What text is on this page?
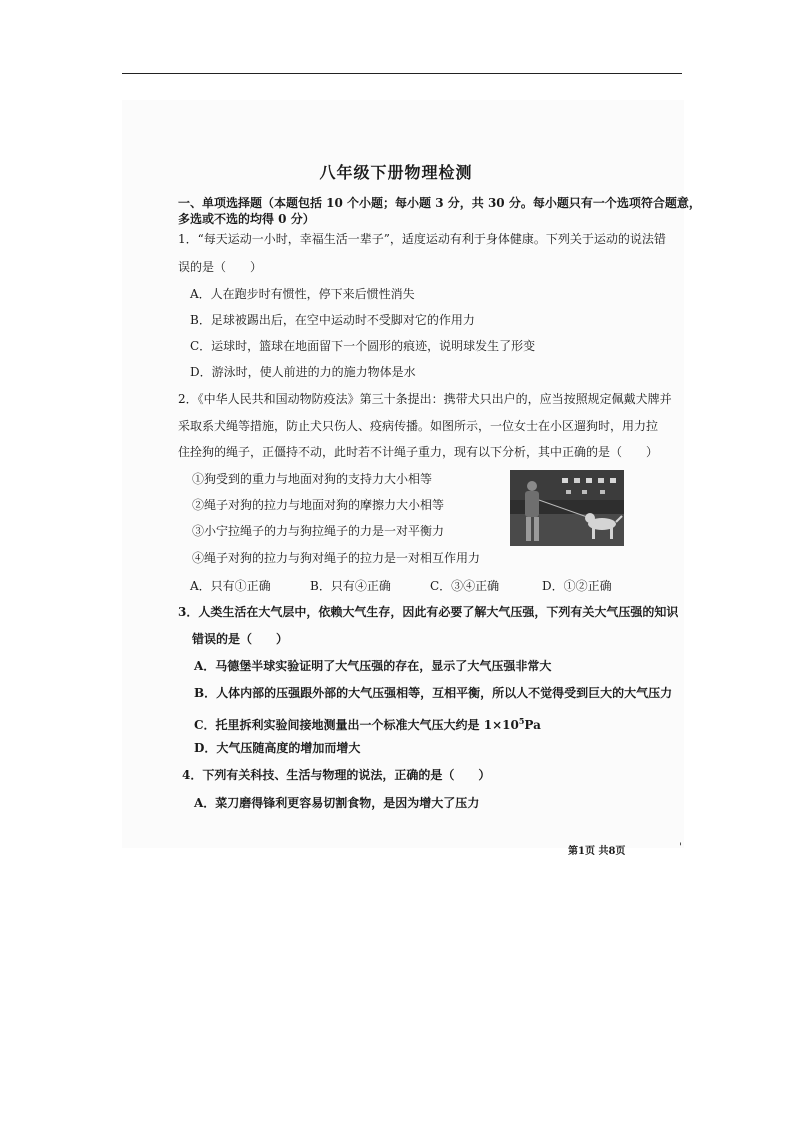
八年级下册物理检测
一、单项选择题（本题包括 10 个小题；每小题 3 分，共 30 分。每小题只有一个选项符合题意，
多选或不选的均得 0 分）
1．“每天运动一小时，幸福生活一辈子”，适度运动有利于身体健康。下列关于运动的说法错
误的是（　　）
A．人在跑步时有惯性，停下来后惯性消失
B．足球被踢出后，在空中运动时不受脚对它的作用力
C．运球时，篮球在地面留下一个圆形的痕迹，说明球发生了形变
D．游泳时，使人前进的力的施力物体是水
2．《中华人民共和国动物防疫法》第三十条提出：携带犬只出户的，应当按照规定佩戴犬牌并
采取系犬绳等措施，防止犬只伤人、疫病传播。如图所示，一位女士在小区遛狗时，用力拉
住拴狗的绳子，正僵持不动，此时若不计绳子重力，现有以下分析，其中正确的是（　　）
①狗受到的重力与地面对狗的支持力大小相等
②绳子对狗的拉力与地面对狗的摩擦力大小相等
③小宁拉绳子的力与狗拉绳子的力是一对平衡力
④绳子对狗的拉力与狗对绳子的拉力是一对相互作用力
A．只有①正确	B．只有④正确	C．③④正确	D．①②正确
3．人类生活在大气层中，依赖大气生存，因此有必要了解大气压强，下列有关大气压强的知识
错误的是（　　）
A．马德堡半球实验证明了大气压强的存在，显示了大气压强非常大
B．人体内部的压强跟外部的大气压强相等，互相平衡，所以人不觉得受到巨大的大气压力
C．托里拆利实验间接地测量出一个标准大气压大约是 $1\times 10^5Pa$
D．大气压随高度的增加而增大
4．下列有关科技、生活与物理的说法，正确的是（　　）
A．菜刀磨得锋利更容易切割食物，是因为增大了压力
第1页 共8页	'
